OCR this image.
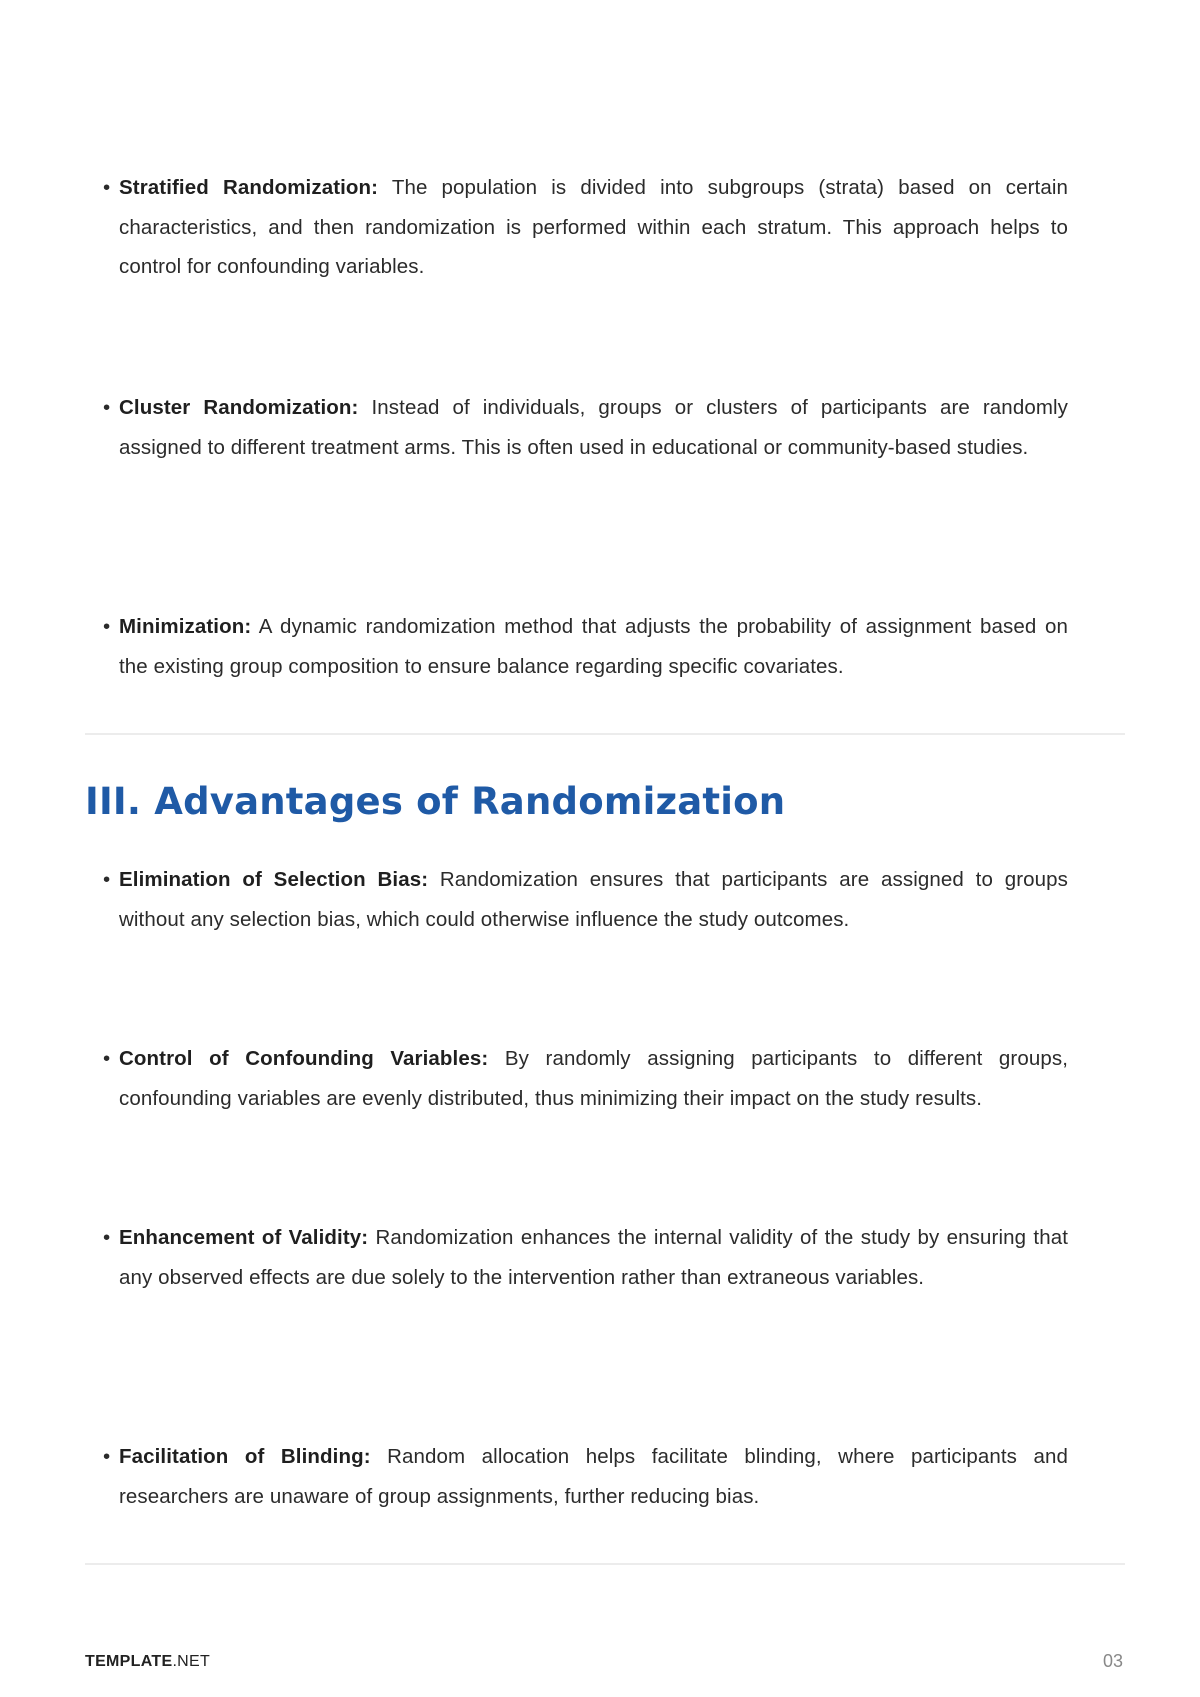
• Stratified Randomization: The population is divided into subgroups (strata) based on certain characteristics, and then randomization is performed within each stratum. This approach helps to control for confounding variables.
• Cluster Randomization: Instead of individuals, groups or clusters of participants are randomly assigned to different treatment arms. This is often used in educational or community-based studies.
• Minimization: A dynamic randomization method that adjusts the probability of assignment based on the existing group composition to ensure balance regarding specific covariates.
III. Advantages of Randomization
• Elimination of Selection Bias: Randomization ensures that participants are assigned to groups without any selection bias, which could otherwise influence the study outcomes.
• Control of Confounding Variables: By randomly assigning participants to different groups, confounding variables are evenly distributed, thus minimizing their impact on the study results.
• Enhancement of Validity: Randomization enhances the internal validity of the study by ensuring that any observed effects are due solely to the intervention rather than extraneous variables.
• Facilitation of Blinding: Random allocation helps facilitate blinding, where participants and researchers are unaware of group assignments, further reducing bias.
TEMPLATE.NET	03
